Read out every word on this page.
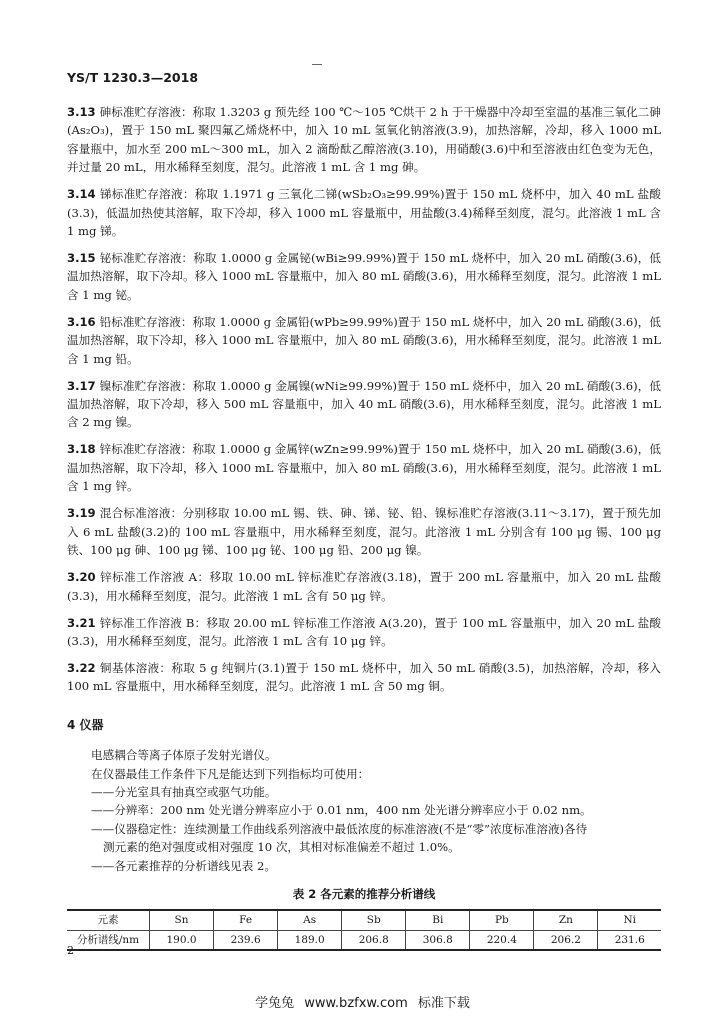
YS/T 1230.3—2018

3.13 砷标准贮存溶液：称取 1.3203 g 预先经 100 ℃～105 ℃烘干 2 h 于干燥器中冷却至室温的基准三氧化二砷(As₂O₃)，置于 150 mL 聚四氟乙烯烧杯中，加入 10 mL 氢氧化钠溶液(3.9)，加热溶解，冷却，移入 1000 mL 容量瓶中，加水至 200 mL～300 mL，加入 2 滴酚酞乙醇溶液(3.10)，用硝酸(3.6)中和至溶液由红色变为无色，并过量 20 mL，用水稀释至刻度，混匀。此溶液 1 mL 含 1 mg 砷。

3.14 锑标准贮存溶液：称取 1.1971 g 三氧化二锑(wSb₂O₃≥99.99%)置于 150 mL 烧杯中，加入 40 mL 盐酸(3.3)，低温加热使其溶解，取下冷却，移入 1000 mL 容量瓶中，用盐酸(3.4)稀释至刻度，混匀。此溶液 1 mL 含 1 mg 锑。

3.15 铋标准贮存溶液：称取 1.0000 g 金属铋(wBi≥99.99%)置于 150 mL 烧杯中，加入 20 mL 硝酸(3.6)，低温加热溶解，取下冷却。移入 1000 mL 容量瓶中，加入 80 mL 硝酸(3.6)，用水稀释至刻度，混匀。此溶液 1 mL 含 1 mg 铋。

3.16 铅标准贮存溶液：称取 1.0000 g 金属铅(wPb≥99.99%)置于 150 mL 烧杯中，加入 20 mL 硝酸(3.6)，低温加热溶解，取下冷却，移入 1000 mL 容量瓶中，加入 80 mL 硝酸(3.6)，用水稀释至刻度，混匀。此溶液 1 mL 含 1 mg 铅。

3.17 镍标准贮存溶液：称取 1.0000 g 金属镍(wNi≥99.99%)置于 150 mL 烧杯中，加入 20 mL 硝酸(3.6)，低温加热溶解，取下冷却，移入 500 mL 容量瓶中，加入 40 mL 硝酸(3.6)，用水稀释至刻度，混匀。此溶液 1 mL 含 2 mg 镍。

3.18 锌标准贮存溶液：称取 1.0000 g 金属锌(wZn≥99.99%)置于 150 mL 烧杯中，加入 20 mL 硝酸(3.6)，低温加热溶解，取下冷却，移入 1000 mL 容量瓶中，加入 80 mL 硝酸(3.6)，用水稀释至刻度，混匀。此溶液 1 mL 含 1 mg 锌。

3.19 混合标准溶液：分别移取 10.00 mL 锡、铁、砷、锑、铋、铅、镍标准贮存溶液(3.11～3.17)，置于预先加入 6 mL 盐酸(3.2)的 100 mL 容量瓶中，用水稀释至刻度，混匀。此溶液 1 mL 分别含有 100 μg 锡、100 μg 铁、100 μg 砷、100 μg 锑、100 μg 铋、100 μg 铅、200 μg 镍。

3.20 锌标准工作溶液 A：移取 10.00 mL 锌标准贮存溶液(3.18)，置于 200 mL 容量瓶中，加入 20 mL 盐酸(3.3)，用水稀释至刻度，混匀。此溶液 1 mL 含有 50 μg 锌。

3.21 锌标准工作溶液 B：移取 20.00 mL 锌标准工作溶液 A(3.20)，置于 100 mL 容量瓶中，加入 20 mL 盐酸(3.3)，用水稀释至刻度，混匀。此溶液 1 mL 含有 10 μg 锌。

3.22 铜基体溶液：称取 5 g 纯铜片(3.1)置于 150 mL 烧杯中，加入 50 mL 硝酸(3.5)，加热溶解，冷却，移入 100 mL 容量瓶中，用水稀释至刻度，混匀。此溶液 1 mL 含 50 mg 铜。

4 仪器

电感耦合等离子体原子发射光谱仪。

在仪器最佳工作条件下凡是能达到下列指标均可使用：

——分光室具有抽真空或驱气功能。

——分辨率：200 nm 处光谱分辨率应小于 0.01 nm，400 nm 处光谱分辨率应小于 0.02 nm。

——仪器稳定性：连续测量工作曲线系列溶液中最低浓度的标准溶液(不是“零”浓度标准溶液)各待

测元素的绝对强度或相对强度 10 次，其相对标准偏差不超过 1.0%。

——各元素推荐的分析谱线见表 2。

表 2 各元素的推荐分析谱线
元素	Sn	Fe	As	Sb	Bi	Pb	Zn	Ni
分析谱线/nm	190.0	239.6	189.0	206.8	306.8	220.4	206.2	231.6
2
学兔兔 www.bzfxw.com 标准下载
